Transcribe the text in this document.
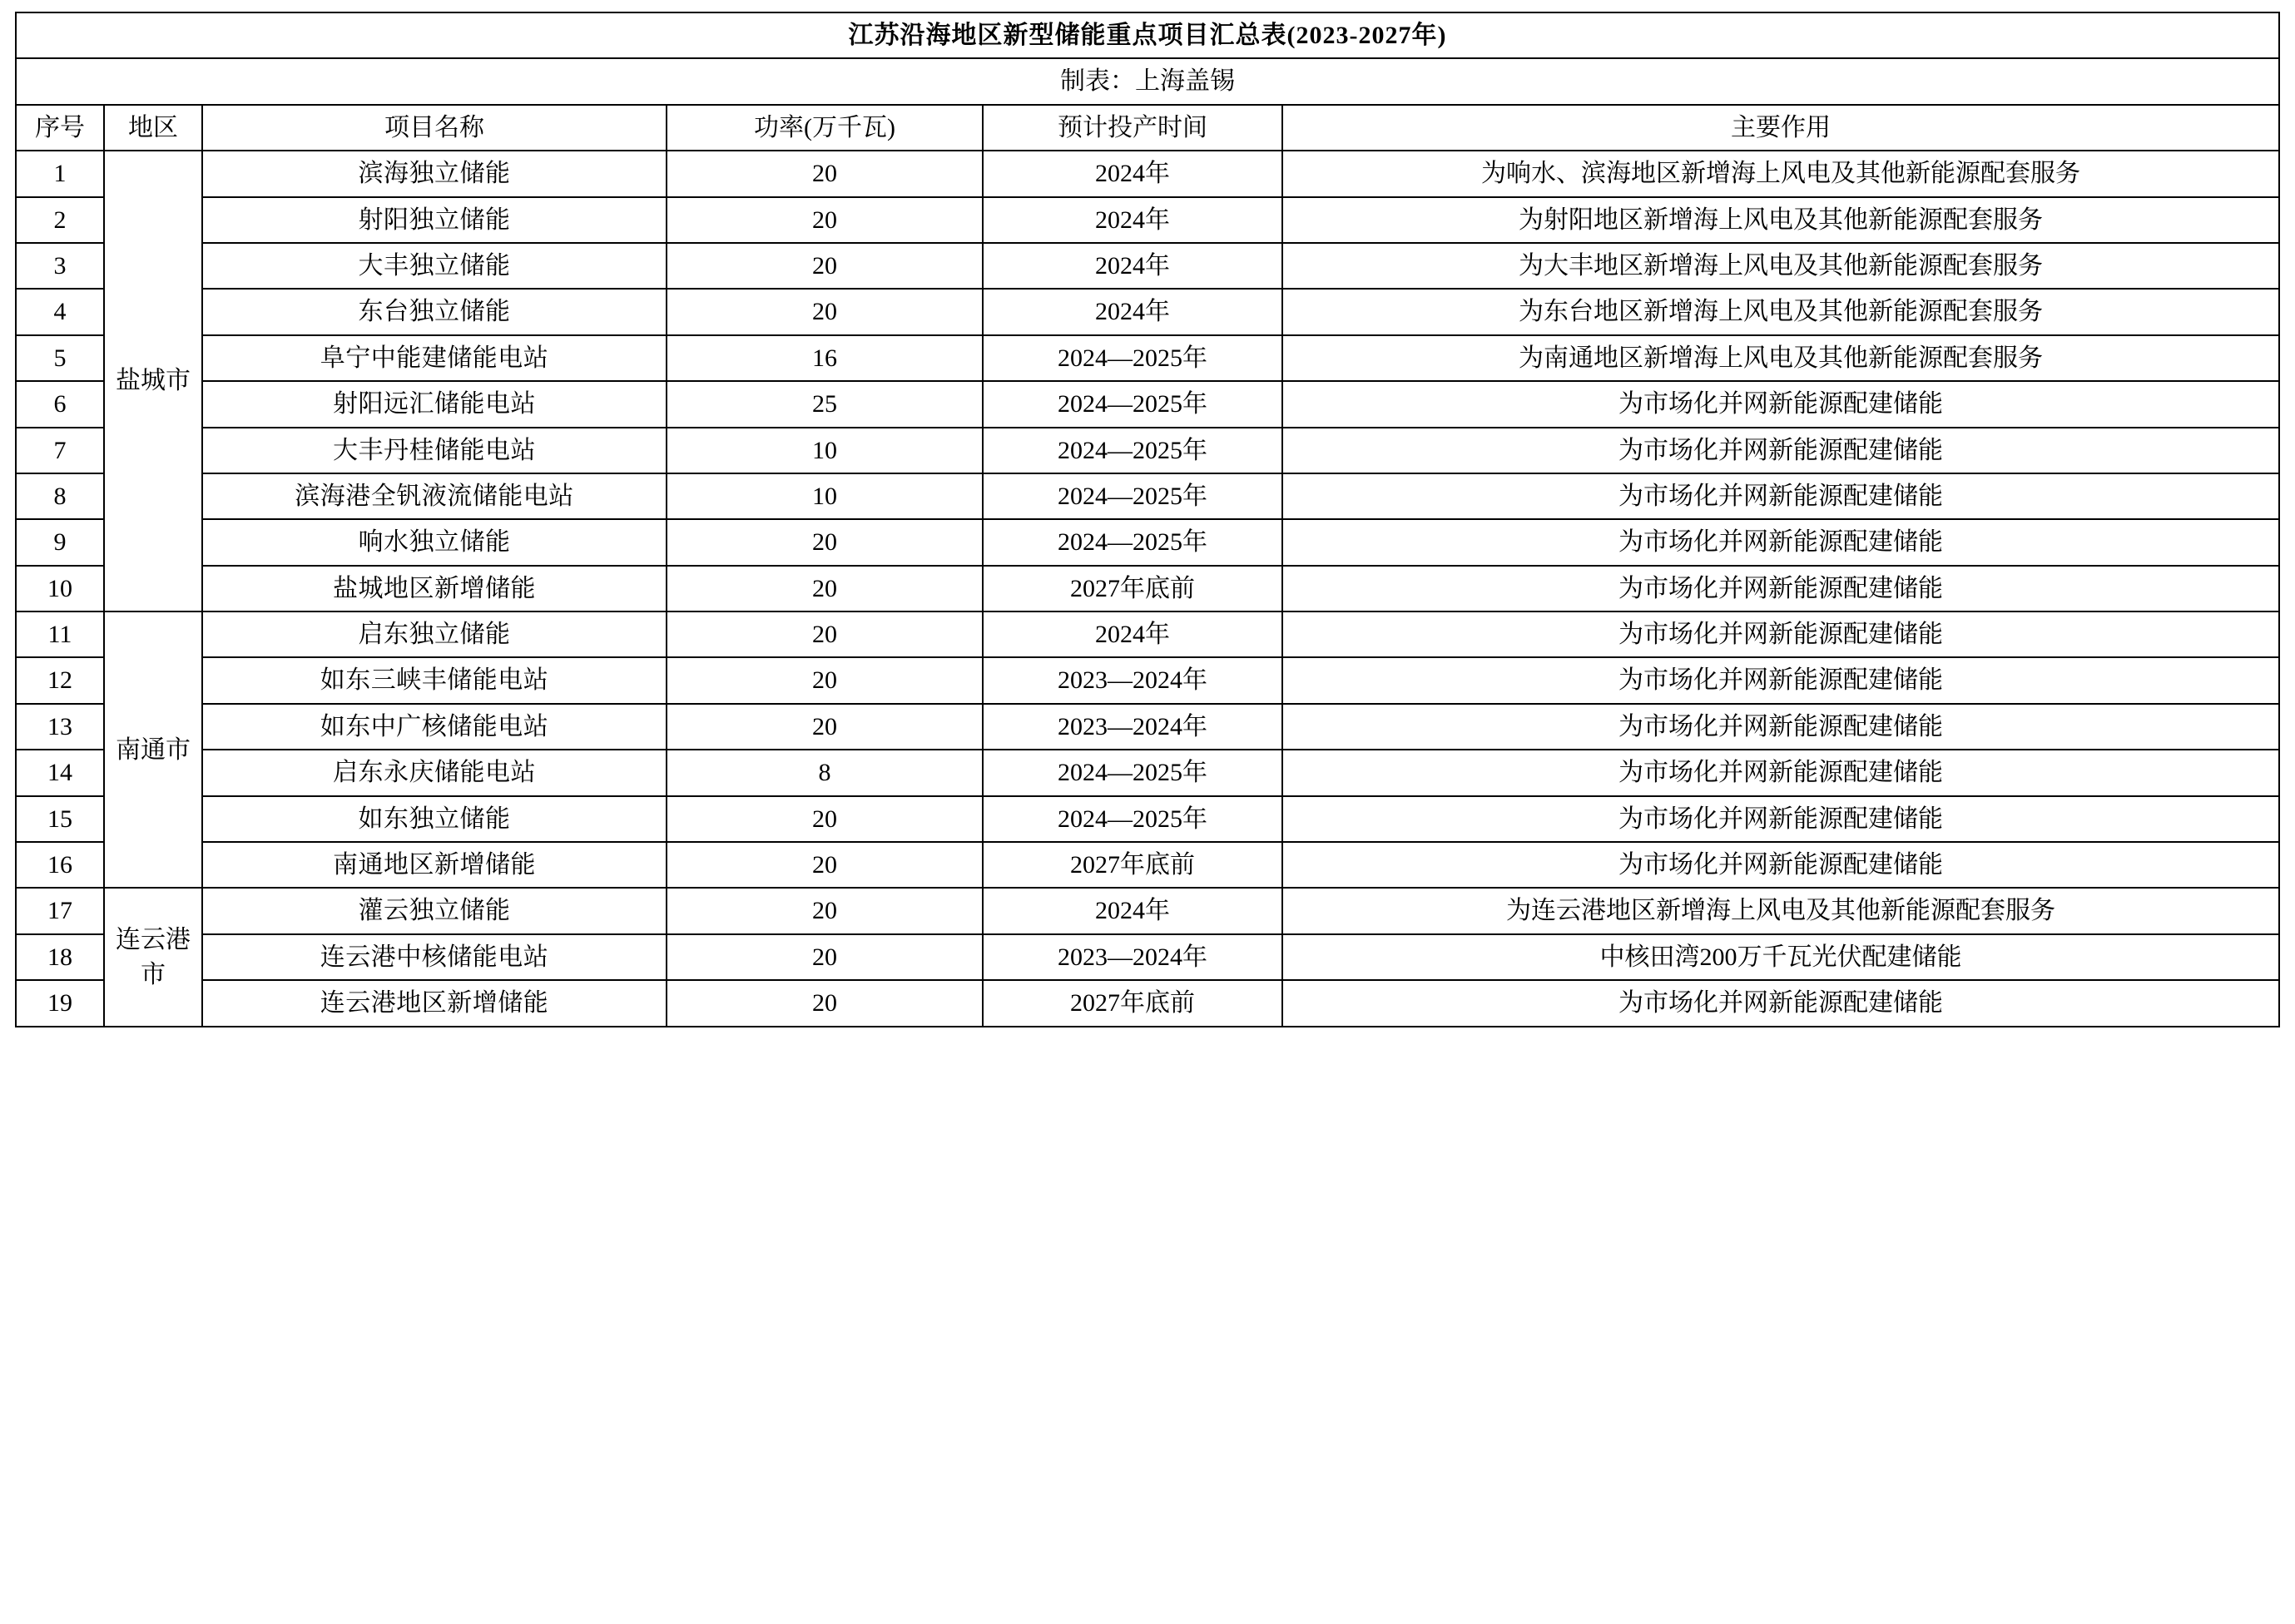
江苏沿海地区新型储能重点项目汇总表(2023-2027年)					
制表：上海盖锡					
序号	地区	项目名称	功率(万千瓦)	预计投产时间	主要作用
1	盐城市	滨海独立储能	20	2024年	为响水、滨海地区新增海上风电及其他新能源配套服务
2		射阳独立储能	20	2024年	为射阳地区新增海上风电及其他新能源配套服务
3		大丰独立储能	20	2024年	为大丰地区新增海上风电及其他新能源配套服务
4		东台独立储能	20	2024年	为东台地区新增海上风电及其他新能源配套服务
5		阜宁中能建储能电站	16	2024—2025年	为南通地区新增海上风电及其他新能源配套服务
6		射阳远汇储能电站	25	2024—2025年	为市场化并网新能源配建储能
7		大丰丹桂储能电站	10	2024—2025年	为市场化并网新能源配建储能
8		滨海港全钒液流储能电站	10	2024—2025年	为市场化并网新能源配建储能
9		响水独立储能	20	2024—2025年	为市场化并网新能源配建储能
10		盐城地区新增储能	20	2027年底前	为市场化并网新能源配建储能
11	南通市	启东独立储能	20	2024年	为市场化并网新能源配建储能
12		如东三峡丰储能电站	20	2023—2024年	为市场化并网新能源配建储能
13		如东中广核储能电站	20	2023—2024年	为市场化并网新能源配建储能
14		启东永庆储能电站	8	2024—2025年	为市场化并网新能源配建储能
15		如东独立储能	20	2024—2025年	为市场化并网新能源配建储能
16		南通地区新增储能	20	2027年底前	为市场化并网新能源配建储能
17	连云港市	灌云独立储能	20	2024年	为连云港地区新增海上风电及其他新能源配套服务
18		连云港中核储能电站	20	2023—2024年	中核田湾200万千瓦光伏配建储能
19		连云港地区新增储能	20	2027年底前	为市场化并网新能源配建储能
